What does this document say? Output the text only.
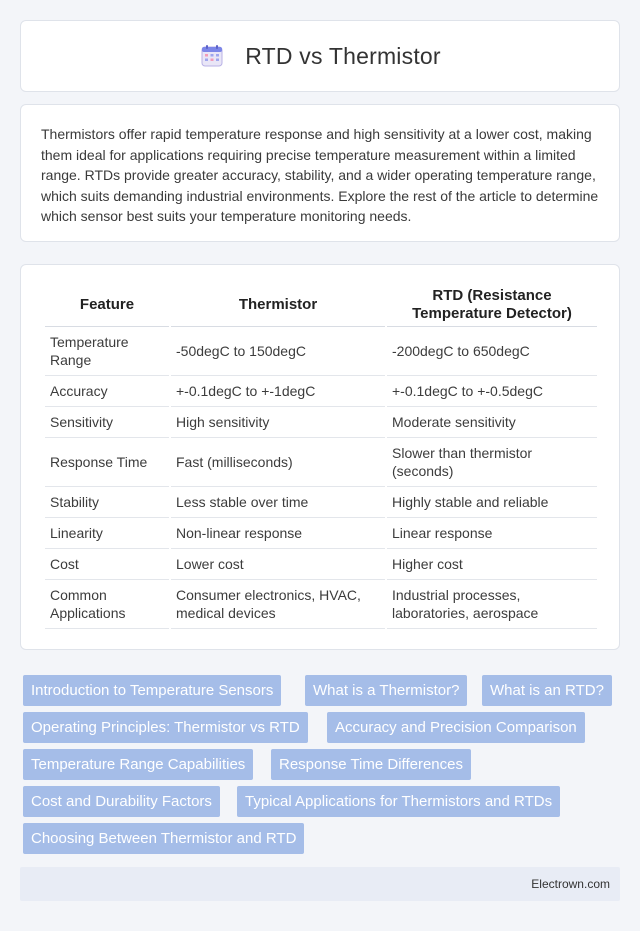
RTD vs Thermistor

Thermistors offer rapid temperature response and high sensitivity at a lower cost, making them ideal for applications requiring precise temperature measurement within a limited range. RTDs provide greater accuracy, stability, and a wider operating temperature range, which suits demanding industrial environments. Explore the rest of the article to determine which sensor best suits your temperature monitoring needs.

Feature	Thermistor	RTD (Resistance Temperature Detector)
Temperature Range	-50degC to 150degC	-200degC to 650degC
Accuracy	+-0.1degC to +-1degC	+-0.1degC to +-0.5degC
Sensitivity	High sensitivity	Moderate sensitivity
Response Time	Fast (milliseconds)	Slower than thermistor (seconds)
Stability	Less stable over time	Highly stable and reliable
Linearity	Non-linear response	Linear response
Cost	Lower cost	Higher cost
Common Applications	Consumer electronics, HVAC, medical devices	Industrial processes, laboratories, aerospace
Introduction to Temperature Sensors	What is a Thermistor?	What is an RTD?
Operating Principles: Thermistor vs RTD	Accuracy and Precision Comparison
Temperature Range Capabilities	Response Time Differences
Cost and Durability Factors	Typical Applications for Thermistors and RTDs
Choosing Between Thermistor and RTD
Electrown.com
